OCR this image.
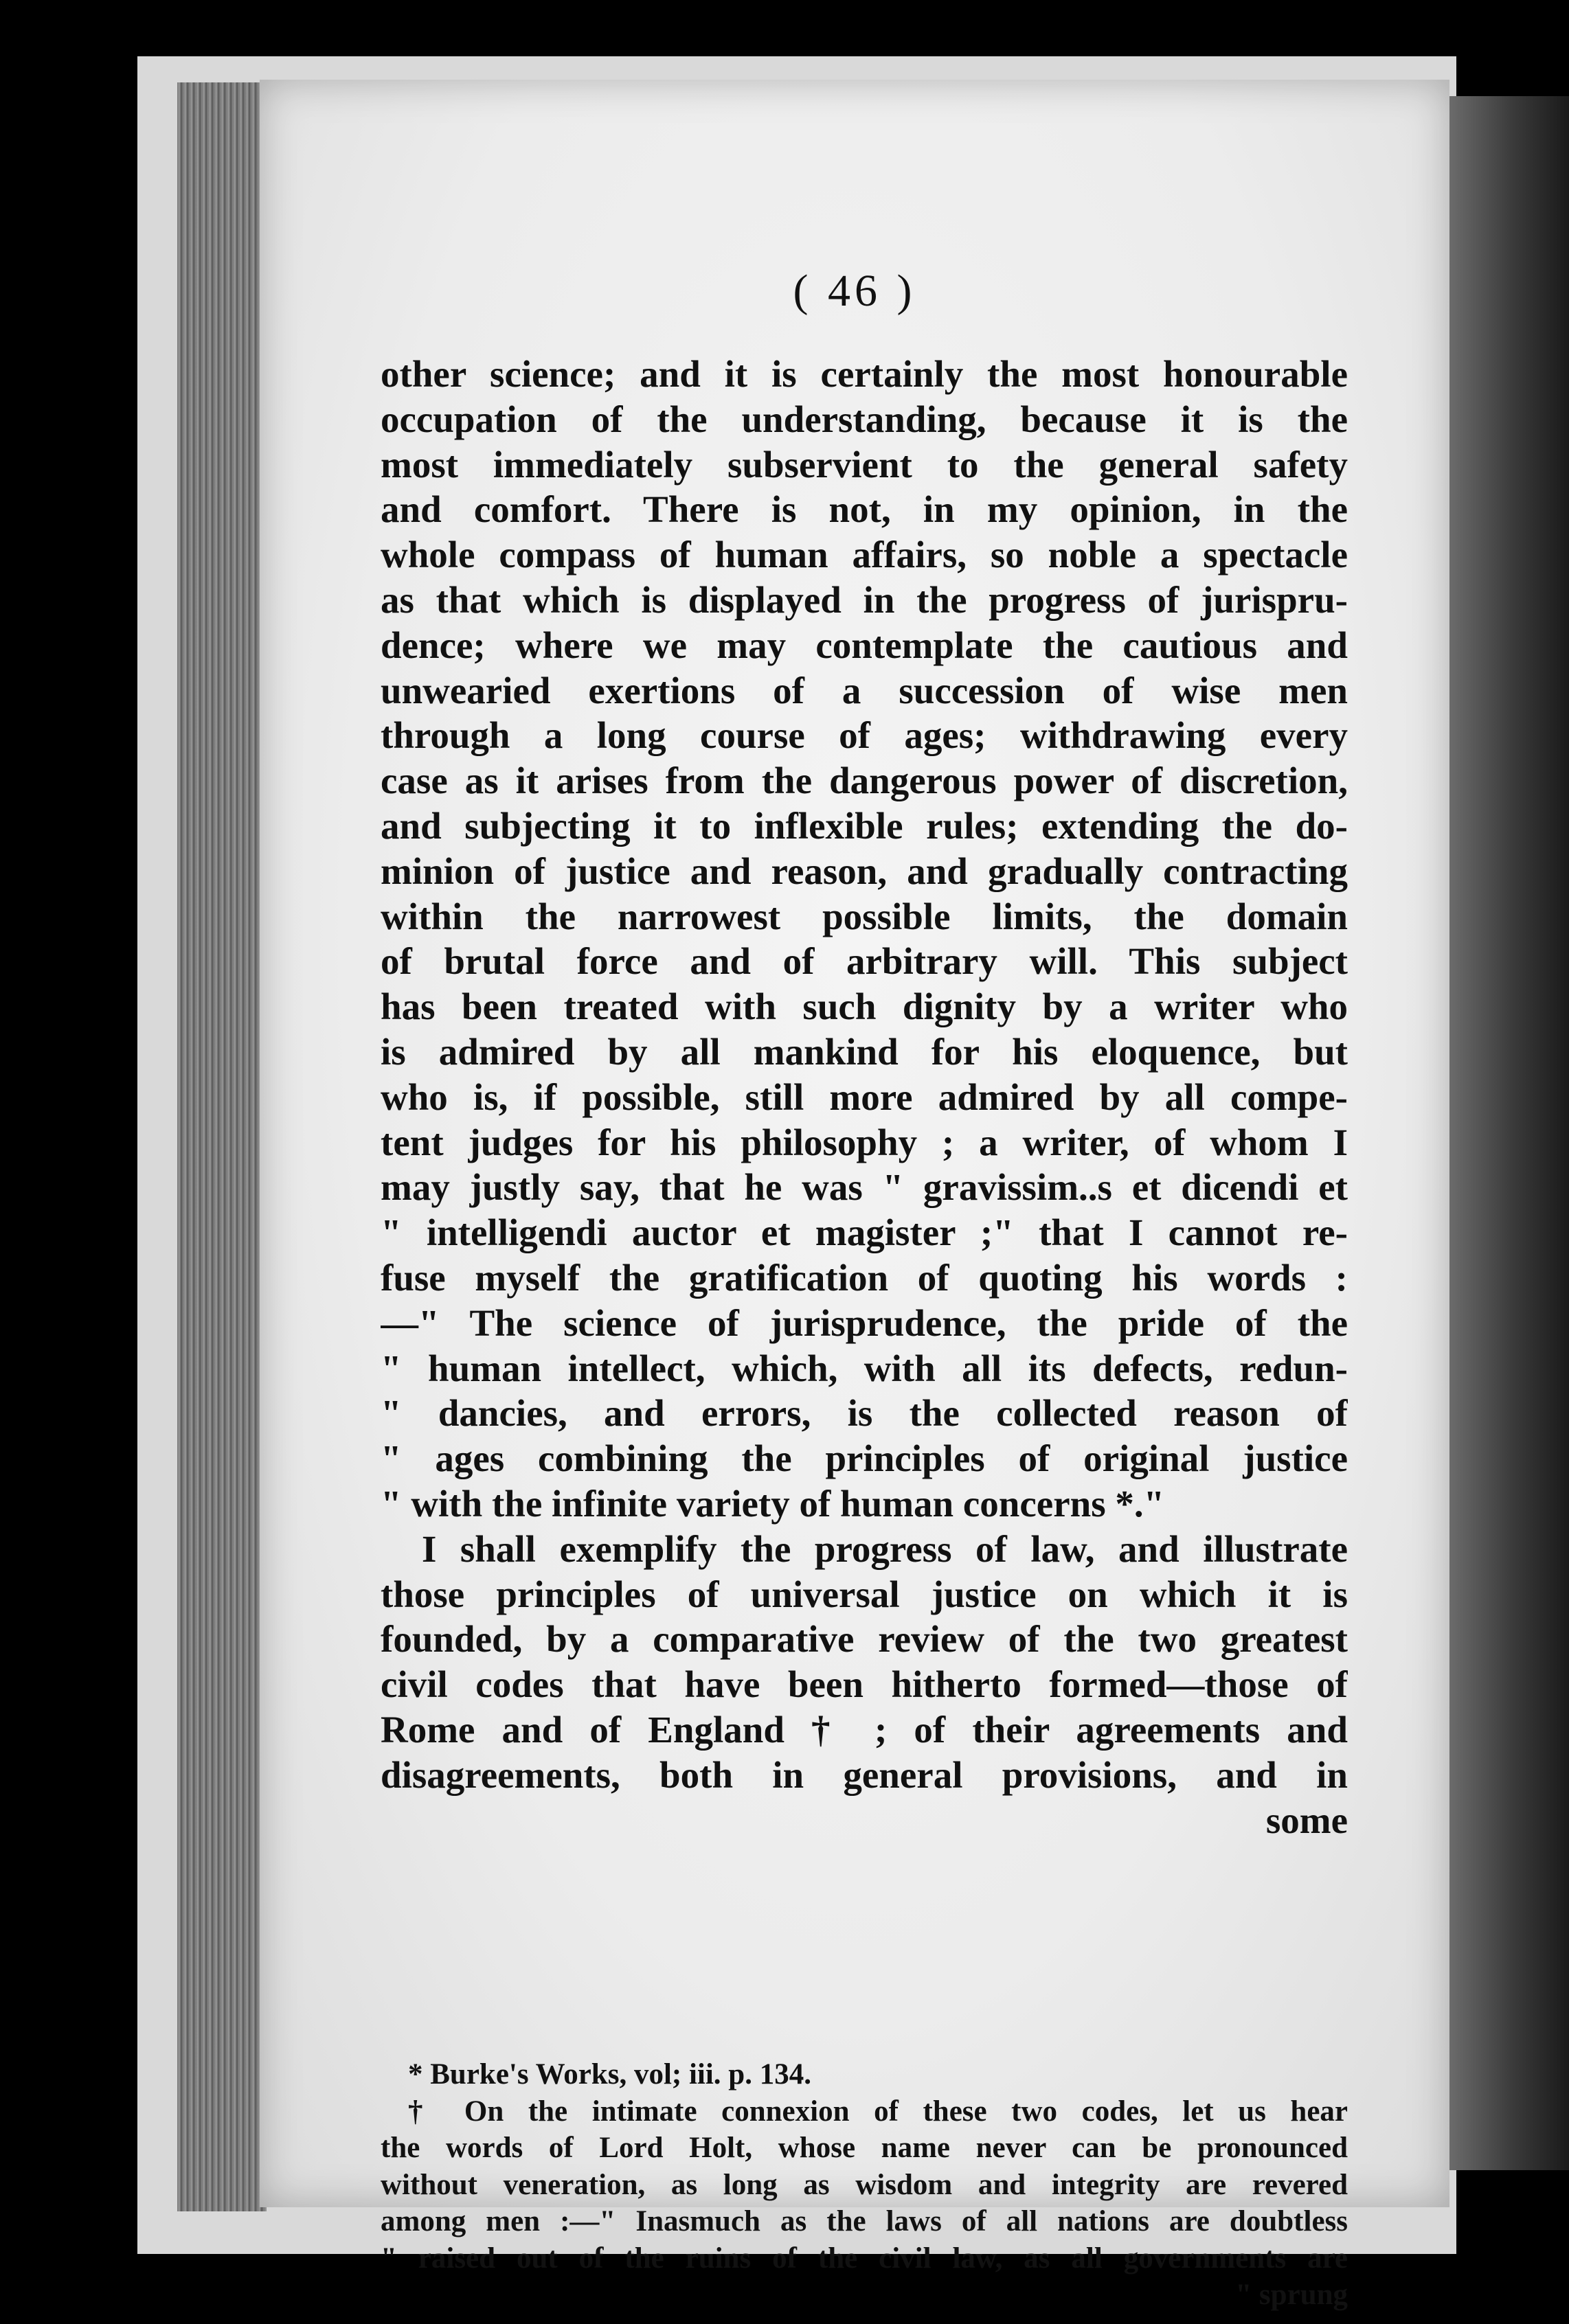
( 46 )
other science; and it is certainly the most honourable
occupation of the understanding, because it is the
most immediately subservient to the general safety
and comfort. There is not, in my opinion, in the
whole compass of human affairs, so noble a spectacle
as that which is displayed in the progress of jurispru-
dence; where we may contemplate the cautious and
unwearied exertions of a succession of wise men
through a long course of ages; withdrawing every
case as it arises from the dangerous power of discretion,
and subjecting it to inflexible rules; extending the do-
minion of justice and reason, and gradually contracting
within the narrowest possible limits, the domain
of brutal force and of arbitrary will. This subject
has been treated with such dignity by a writer who
is admired by all mankind for his eloquence, but
who is, if possible, still more admired by all compe-
tent judges for his philosophy ; a writer, of whom I
may justly say, that he was " gravissim..s et dicendi et
" intelligendi auctor et magister ;" that I cannot re-
fuse myself the gratification of quoting his words :
—" The science of jurisprudence, the pride of the
" human intellect, which, with all its defects, redun-
" dancies, and errors, is the collected reason of
" ages combining the principles of original justice
" with the infinite variety of human concerns *."
I shall exemplify the progress of law, and illustrate
those principles of universal justice on which it is
founded, by a comparative review of the two greatest
civil codes that have been hitherto formed—those of
Rome and of England † ; of their agreements and
disagreements, both in general provisions, and in
some
* Burke's Works, vol; iii. p. 134.
† On the intimate connexion of these two codes, let us hear
the words of Lord Holt, whose name never can be pronounced
without veneration, as long as wisdom and integrity are revered
among men :—" Inasmuch as the laws of all nations are doubtless
" raised out of the ruins of the civil law, as all governments are
" sprung
